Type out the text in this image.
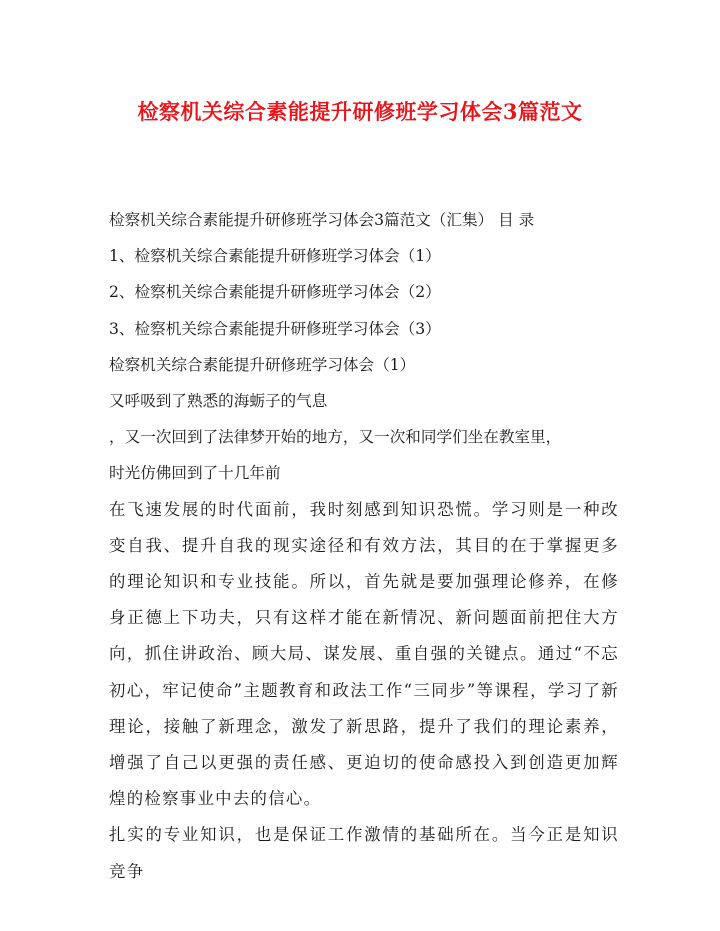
检察机关综合素能提升研修班学习体会3篇范文
检察机关综合素能提升研修班学习体会3篇范文（汇集） 目 录
1、检察机关综合素能提升研修班学习体会（1）
2、检察机关综合素能提升研修班学习体会（2）
3、检察机关综合素能提升研修班学习体会（3）
检察机关综合素能提升研修班学习体会（1）
又呼吸到了熟悉的海蛎子的气息
，又一次回到了法律梦开始的地方，又一次和同学们坐在教室里，
时光仿佛回到了十几年前

在飞速发展的时代面前，我时刻感到知识恐慌。学习则是一种改变自我、提升自我的现实途径和有效方法，其目的在于掌握更多的理论知识和专业技能。所以，首先就是要加强理论修养，在修身正德上下功夫，只有这样才能在新情况、新问题面前把住大方向，抓住讲政治、顾大局、谋发展、重自强的关键点。通过“不忘初心，牢记使命”主题教育和政法工作“三同步”等课程，学习了新理论，接触了新理念，激发了新思路，提升了我们的理论素养，增强了自己以更强的责任感、更迫切的使命感投入到创造更加辉煌的检察事业中去的信心。

扎实的专业知识，也是保证工作激情的基础所在。当今正是知识竞争
